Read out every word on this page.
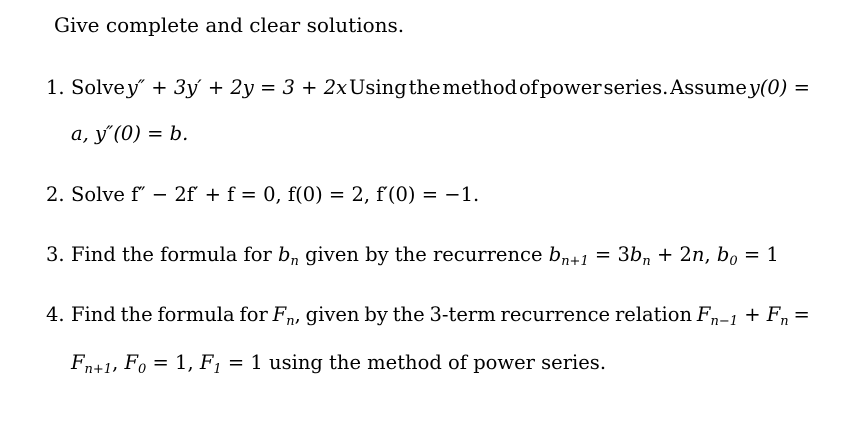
Give complete and clear solutions.
1. Solve y″ + 3y′ + 2y = 3 + 2x Using the method of power series. Assume y(0) =
a, y″(0) = b.
2. Solve f″ − 2f′ + f = 0, f(0) = 2, f′(0) = −1.
3. Find the formula for $b_n$ given by the recurrence $b_{n+1} = 3b_n + 2n$, $b_0 = 1$
4. Find the formula for $F_n$, given by the 3-term recurrence relation $F_{n-1} + F_n$ =
$F_{n+1}$, $F_0 = 1$, $F_1 = 1$ using the method of power series.
